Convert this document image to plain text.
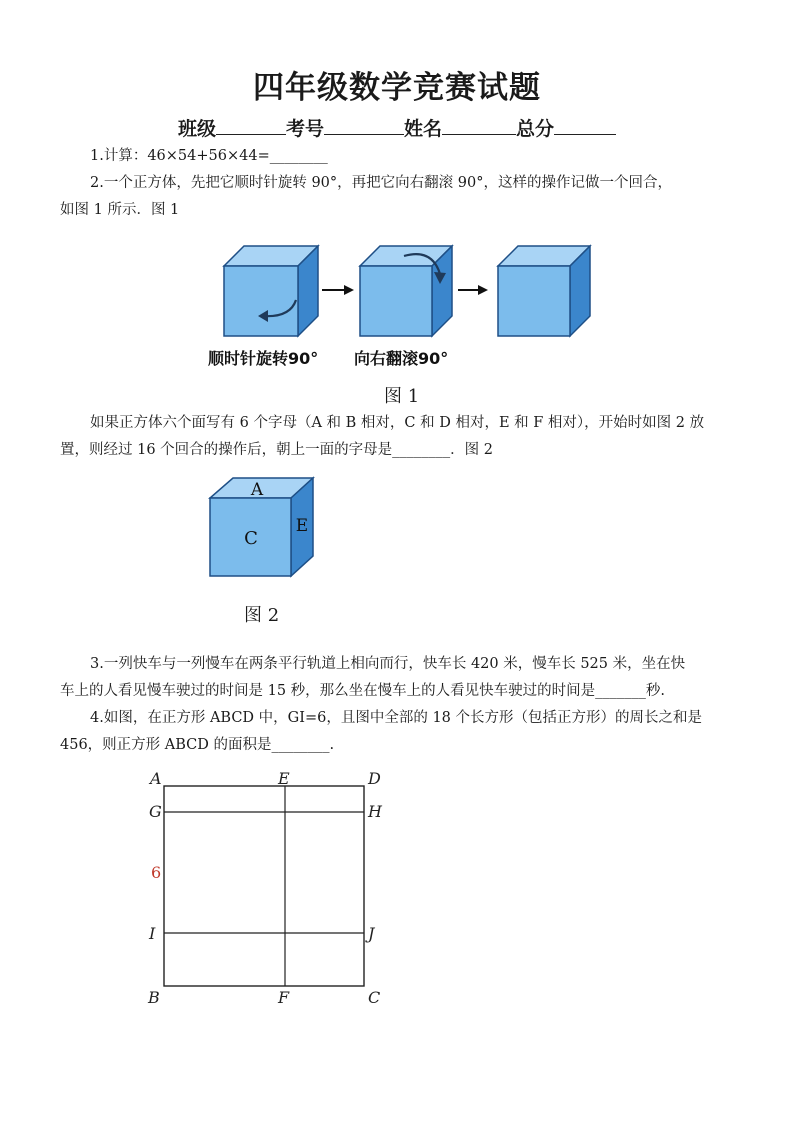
四年级数学竞赛试题
班级	考号	姓名	总分
1.计算：46×54+56×44=________
2.一个正方体，先把它顺时针旋转 90°，再把它向右翻滚 90°，这样的操作记做一个回合，
如图 1 所示．图 1
顺时针旋转90° 向右翻滚90°
图 1
如果正方体六个面写有 6 个字母（A 和 B 相对，C 和 D 相对，E 和 F 相对），开始时如图 2 放
置，则经过 16 个回合的操作后，朝上一面的字母是________．图 2
A
C
E
图 2
3.一列快车与一列慢车在两条平行轨道上相向而行，快车长 420 米，慢车长 525 米，坐在快
车上的人看见慢车驶过的时间是 15 秒，那么坐在慢车上的人看见快车驶过的时间是_______秒.
4.如图，在正方形 ABCD 中，GI=6，且图中全部的 18 个长方形（包括正方形）的周长之和是
456，则正方形 ABCD 的面积是________.
A	E	D
G	H
I	J
B	F	C
6
